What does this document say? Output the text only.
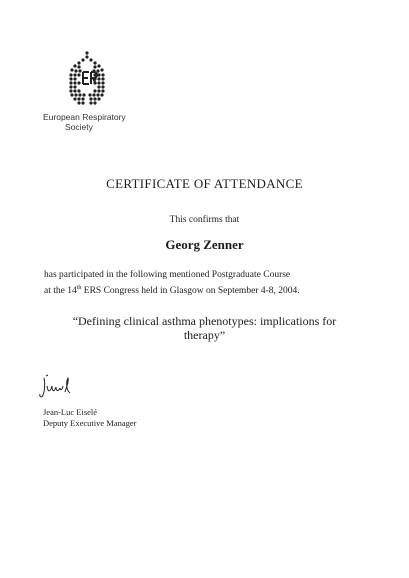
European Respiratory
Society
CERTIFICATE OF ATTENDANCE
This confirms that
Georg Zenner
has participated in the following mentioned Postgraduate Course
at the 14th ERS Congress held in Glasgow on September 4-8, 2004.
“Defining clinical asthma phenotypes: implications for
therapy”
Jean-Luc Eiselé
Deputy Executive Manager
